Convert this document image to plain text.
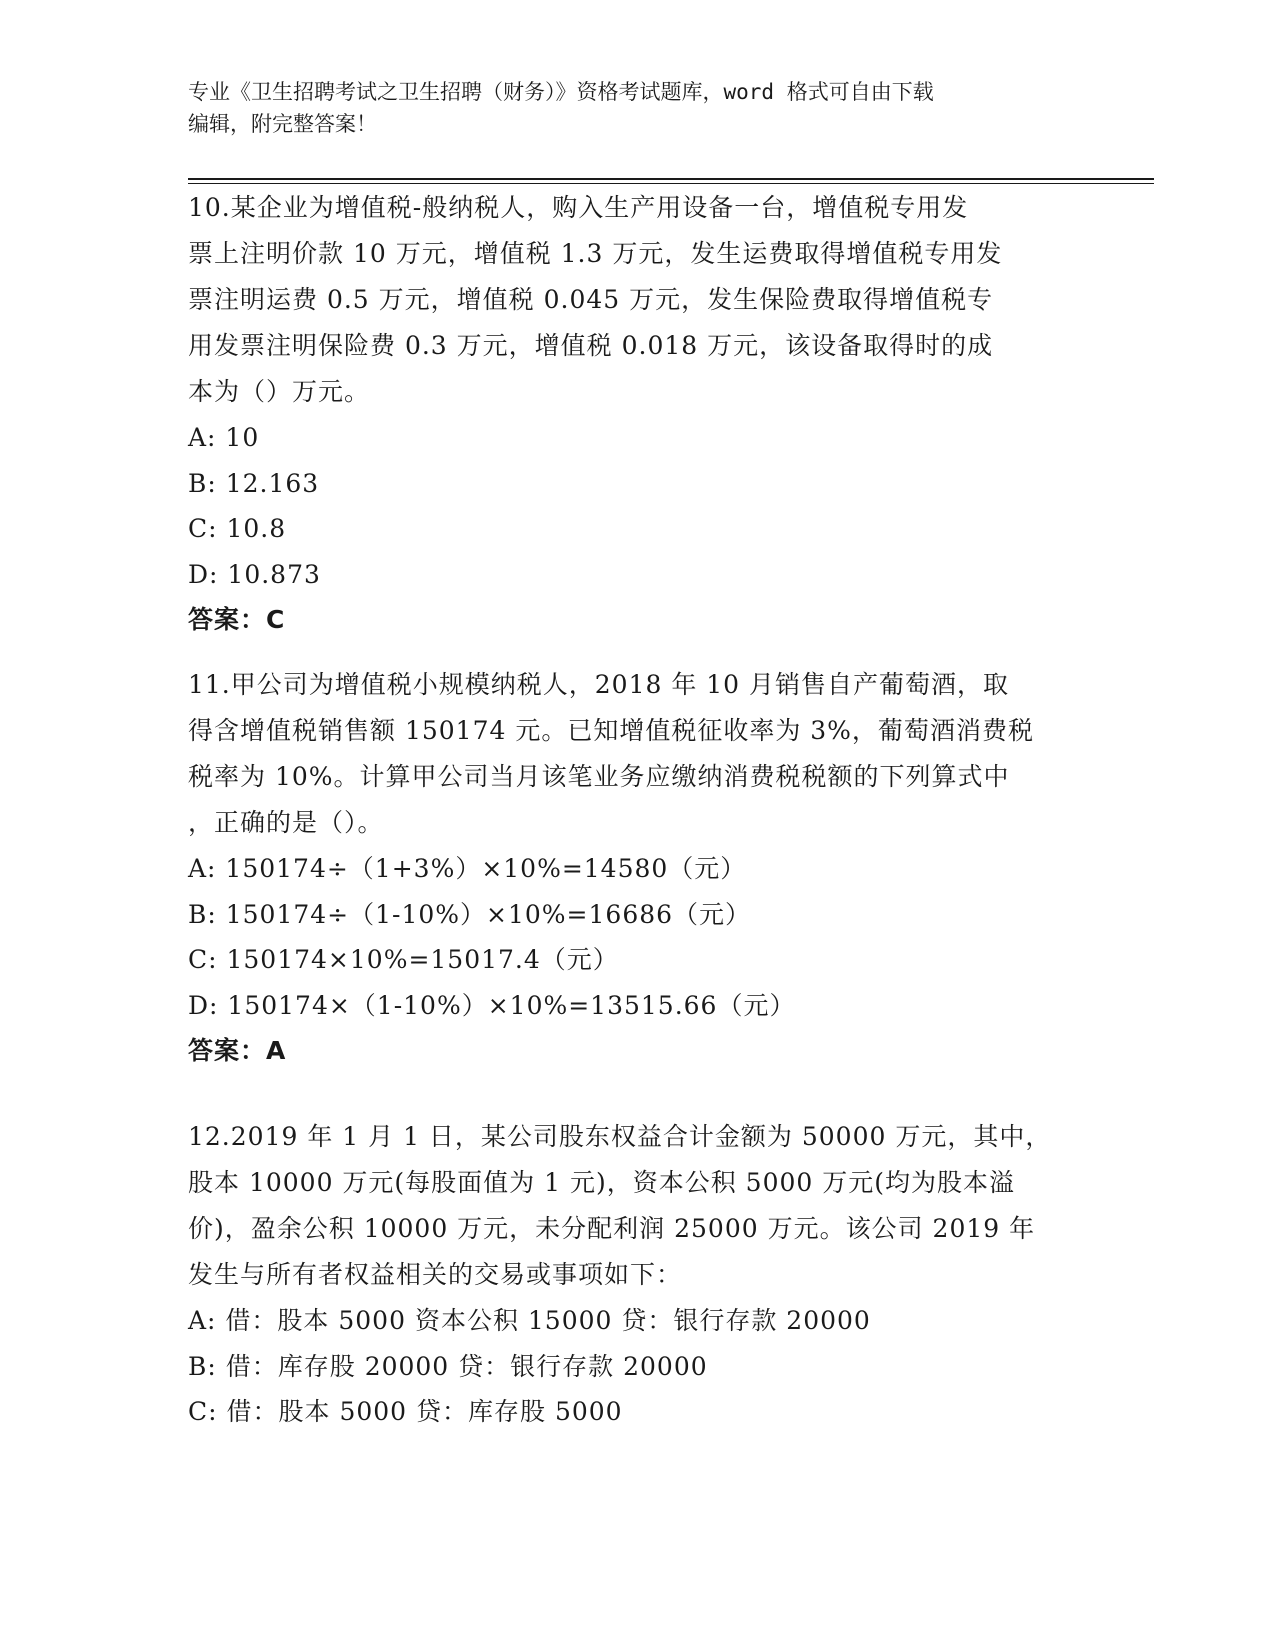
专业《卫生招聘考试之卫生招聘（财务）》资格考试题库，word 格式可自由下载
编辑，附完整答案！

10.某企业为增值税-般纳税人，购入生产用设备一台，增值税专用发

票上注明价款 10 万元，增值税 1.3 万元，发生运费取得增值税专用发

票注明运费 0.5 万元，增值税 0.045 万元，发生保险费取得增值税专

用发票注明保险费 0.3 万元，增值税 0.018 万元，该设备取得时的成

本为（）万元。

A: 10

B: 12.163

C: 10.8

D: 10.873

答案：C

11.甲公司为增值税小规模纳税人，2018 年 10 月销售自产葡萄酒，取

得含增值税销售额 150174 元。已知增值税征收率为 3%，葡萄酒消费税

税率为 10%。计算甲公司当月该笔业务应缴纳消费税税额的下列算式中

，正确的是（）。

A: 150174÷（1+3%）×10%=14580（元）

B: 150174÷（1-10%）×10%=16686（元）

C: 150174×10%=15017.4（元）

D: 150174×（1-10%）×10%=13515.66（元）

答案：A

12.2019 年 1 月 1 日，某公司股东权益合计金额为 50000 万元，其中，

股本 10000 万元(每股面值为 1 元)，资本公积 5000 万元(均为股本溢

价)，盈余公积 10000 万元，未分配利润 25000 万元。该公司 2019 年

发生与所有者权益相关的交易或事项如下：

A: 借：股本 5000 资本公积 15000 贷：银行存款 20000

B: 借：库存股 20000 贷：银行存款 20000

C: 借：股本 5000 贷：库存股 5000
